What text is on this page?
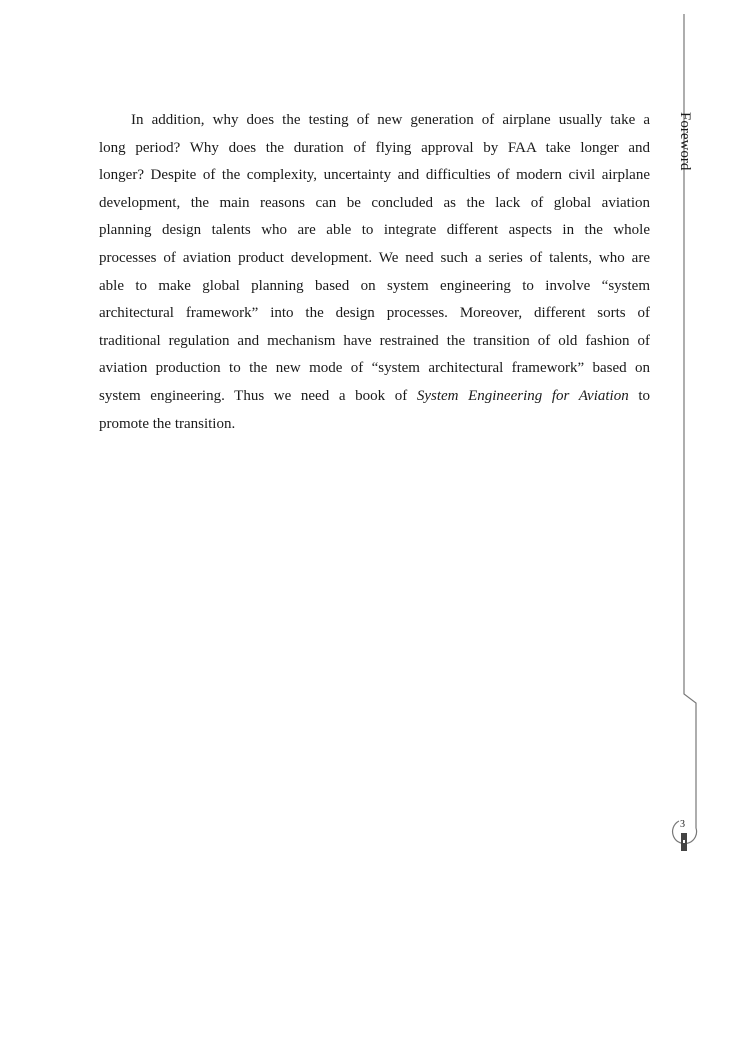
Foreword
3
In addition, why does the testing of new generation of airplane usually take a
long period? Why does the duration of flying approval by FAA take longer and
longer? Despite of the complexity, uncertainty and difficulties of modern civil airplane
development, the main reasons can be concluded as the lack of global aviation
planning design talents who are able to integrate different aspects in the whole
processes of aviation product development. We need such a series of talents, who are
able to make global planning based on system engineering to involve “system
architectural framework” into the design processes. Moreover, different sorts of
traditional regulation and mechanism have restrained the transition of old fashion of
aviation production to the new mode of “system architectural framework” based on
system engineering. Thus we need a book of System Engineering for Aviation to
promote the transition.
